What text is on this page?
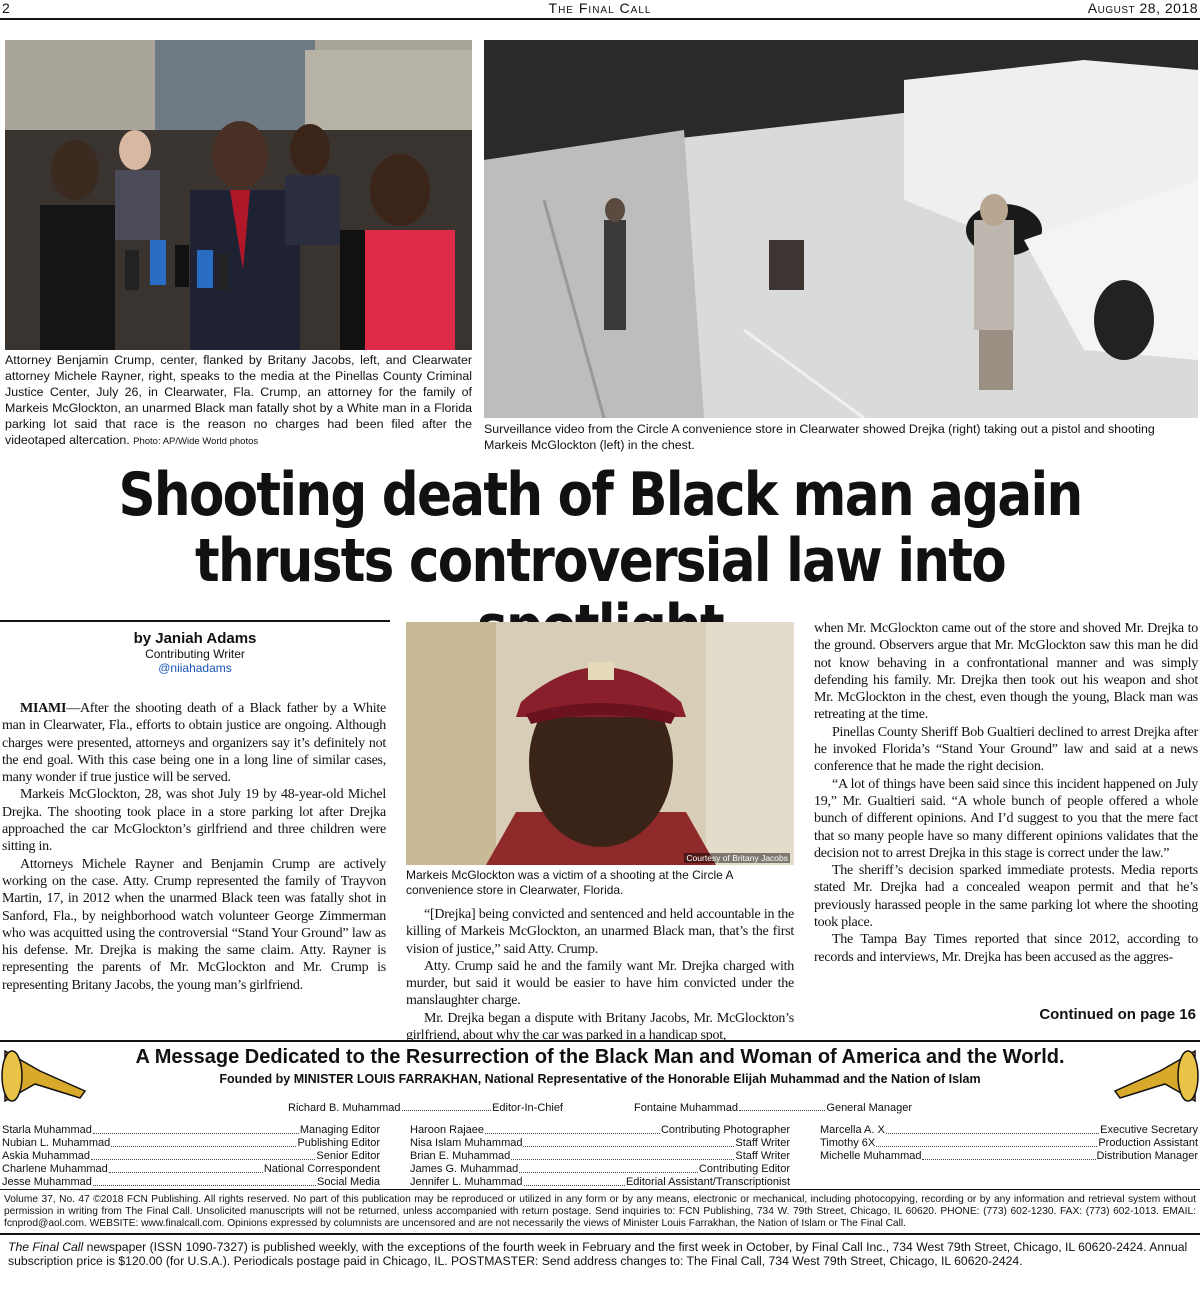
2	The Final Call	August 28, 2018
Attorney Benjamin Crump, center, flanked by Britany Jacobs, left, and Clearwater attorney Michele Rayner, right, speaks to the media at the Pinellas County Criminal Justice Center, July 26, in Clearwater, Fla. Crump, an attorney for the family of Markeis McGlockton, an unarmed Black man fatally shot by a White man in a Florida parking lot said that race is the reason no charges had been filed after the videotaped altercation. Photo: AP/Wide World photos
Surveillance video from the Circle A convenience store in Clearwater showed Drejka (right) taking out a pistol and shooting Markeis McGlockton (left) in the chest.
Shooting death of Black man again
thrusts controversial law into
by Janiah Adams
Contributing Writer
@niiahadams

MIAMI—After the shooting death of a Black father by a White man in Clearwater, Fla., efforts to obtain justice are ongoing. Although charges were presented, attorneys and organizers say it’s definitely not the end goal. With this case being one in a long line of similar cases, many wonder if true justice will be served.

Markeis McGlockton, 28, was shot July 19 by 48-year-old Michel Drejka. The shooting took place in a store parking lot after Drejka approached the car McGlockton’s girlfriend and three children were sitting in.

Attorneys Michele Rayner and Benjamin Crump are actively working on the case. Atty. Crump represented the family of Trayvon Martin, 17, in 2012 when the unarmed Black teen was fatally shot in Sanford, Fla., by neighborhood watch volunteer George Zimmerman who was acquitted using the controversial “Stand Your Ground” law as his defense. Mr. Drejka is making the same claim. Atty. Rayner is representing the parents of Mr. McGlockton and Mr. Crump is representing Britany Jacobs, the young man’s girlfriend.

Courtesy of Britany Jacobs
Markeis McGlockton was a victim of a shooting at the Circle A convenience store in Clearwater, Florida.

“[Drejka] being convicted and sentenced and held accountable in the killing of Markeis McGlockton, an unarmed Black man, that’s the first vision of justice,” said Atty. Crump.

Atty. Crump said he and the family want Mr. Drejka charged with murder, but said it would be easier to have him convicted under the manslaughter charge.

Mr. Drejka began a dispute with Britany Jacobs, Mr. McGlockton’s girlfriend, about why the car was parked in a handicap spot,

when Mr. McGlockton came out of the store and shoved Mr. Drejka to the ground. Observers argue that Mr. McGlockton saw this man he did not know behaving in a confrontational manner and was simply defending his family. Mr. Drejka then took out his weapon and shot Mr. McGlockton in the chest, even though the young, Black man was retreating at the time.

Pinellas County Sheriff Bob Gualtieri declined to arrest Drejka after he invoked Florida’s “Stand Your Ground” law and said at a news conference that he made the right decision.

“A lot of things have been said since this incident happened on July 19,” Mr. Gualtieri said. “A whole bunch of people offered a whole bunch of different opinions. And I’d suggest to you that the mere fact that so many people have so many different opinions validates that the decision not to arrest Drejka in this stage is correct under the law.”

The sheriff’s decision sparked immediate protests. Media reports stated Mr. Drejka had a concealed weapon permit and that he’s previously harassed people in the same parking lot where the shooting took place.

The Tampa Bay Times reported that since 2012, according to records and interviews, Mr. Drejka has been accused as the aggres-

Continued on page 16
A Message Dedicated to the Resurrection of the Black Man and Woman of America and the World.
Founded by MINISTER LOUIS FARRAKHAN, National Representative of the Honorable Elijah Muhammad and the Nation of Islam
Richard B. Muhammad	Editor-In-Chief	Fontaine Muhammad	General Manager
Starla Muhammad	Managing Editor
Nubian L. Muhammad	Publishing Editor
Askia Muhammad	Senior Editor
Charlene Muhammad	National Correspondent
Jesse Muhammad	Social Media
Haroon Rajaee	Contributing Photographer
Nisa Islam Muhammad	Staff Writer
Brian E. Muhammad	Staff Writer
James G. Muhammad	Contributing Editor
Jennifer L. Muhammad	Editorial Assistant/Transcriptionist
Marcella A. X	Executive Secretary
Timothy 6X	Production Assistant
Michelle Muhammad	Distribution Manager
Volume 37, No. 47 ©2018 FCN Publishing. All rights reserved. No part of this publication may be reproduced or utilized in any form or by any means, electronic or mechanical, including photocopying, recording or by any information and retrieval system without permission in writing from The Final Call. Unsolicited manuscripts will not be returned, unless accompanied with return postage. Send inquiries to: FCN Publishing, 734 W. 79th Street, Chicago, IL 60620. PHONE: (773) 602-1230. FAX: (773) 602-1013. EMAIL: fcnprod@aol.com. WEBSITE: www.finalcall.com. Opinions expressed by columnists are uncensored and are not necessarily the views of Minister Louis Farrakhan, the Nation of Islam or The Final Call.
The Final Call newspaper (ISSN 1090-7327) is published weekly, with the exceptions of the fourth week in February and the first week in October, by Final Call Inc., 734 West 79th Street, Chicago, IL 60620-2424. Annual subscription price is $120.00 (for U.S.A.). Periodicals postage paid in Chicago, IL. POSTMASTER: Send address changes to: The Final Call, 734 West 79th Street, Chicago, IL 60620-2424.
